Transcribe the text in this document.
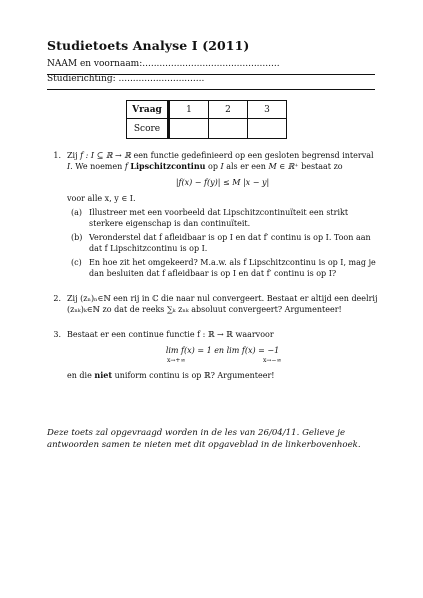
Studietoets Analyse I (2011)
NAAM en voornaam:................................................
Studierichting: ..............................
Vraag		1	2	3
Score				
1. Zij f : I ⊆ ℝ → ℝ een functie gedefinieerd op een gesloten begrensd interval I. We noemen f Lipschitzcontinu op I als er een M ∈ ℝ⁺ bestaat zo
|f(x) − f(y)| ≤ M |x − y|
voor alle x, y ∈ I.
(a) Illustreer met een voorbeeld dat Lipschitzcontinuïteit een strikt sterkere eigenschap is dan continuïteit.
(b) Veronderstel dat f afleidbaar is op I en dat f′ continu is op I. Toon aan dat f Lipschitzcontinu is op I.
(c) En hoe zit het omgekeerd? M.a.w. als f Lipschitzcontinu is op I, mag je dan besluiten dat f afleidbaar is op I en dat f′ continu is op I?
2. Zij (zₙ)ₙ∈ℕ een rij in ℂ die naar nul convergeert. Bestaat er altijd een deelrij (zₙₖ)ₖ∈ℕ zo dat de reeks ∑ₖ zₙₖ absoluut convergeert? Argumenteer!
3. Bestaat er een continue functie f : ℝ → ℝ waarvoor
lim f(x) = 1 en lim f(x) = −1
x→+∞	x→−∞
en die niet uniform continu is op ℝ? Argumenteer!
Deze toets zal opgevraagd worden in de les van 26/04/11. Gelieve je antwoorden samen te nieten met dit opgaveblad in de linkerbovenhoek.
